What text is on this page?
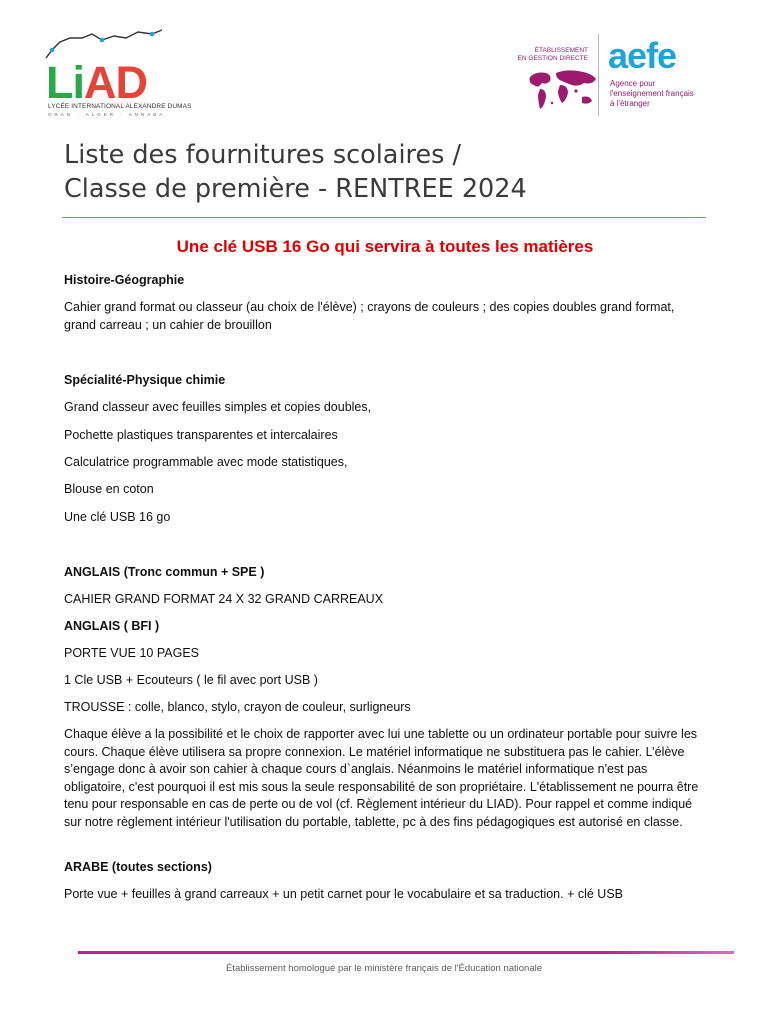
LiAD
LYCÉE INTERNATIONAL ALEXANDRE DUMAS
ORAN · ALGER · ANNABA
ÉTABLISSEMENT
EN GESTION DIRECTE aefe
Agence pour
l'enseignement français
à l'étranger
Liste des fournitures scolaires /
Classe de première - RENTREE 2024
Une clé USB 16 Go qui servira à toutes les matières

Histoire-Géographie

Cahier grand format ou classeur (au choix de l'élève) ; crayons de couleurs ; des copies doubles grand format, grand carreau ; un cahier de brouillon

Spécialité-Physique chimie

Grand classeur avec feuilles simples et copies doubles,

Pochette plastiques transparentes et intercalaires

Calculatrice programmable avec mode statistiques,

Blouse en coton

Une clé USB 16 go

ANGLAIS (Tronc commun + SPE )

CAHIER GRAND FORMAT 24 X 32 GRAND CARREAUX

ANGLAIS ( BFI )

PORTE VUE 10 PAGES

1 Cle USB + Ecouteurs ( le fil avec port USB )

TROUSSE : colle, blanco, stylo, crayon de couleur, surligneurs

Chaque élève a la possibilité et le choix de rapporter avec lui une tablette ou un ordinateur portable pour suivre les cours. Chaque élève utilisera sa propre connexion. Le matériel informatique ne substituera pas le cahier. L’élève s’engage donc à avoir son cahier à chaque cours d`anglais. Néanmoins le matériel informatique n'est pas obligatoire, c'est pourquoi il est mis sous la seule responsabilité de son propriétaire. L'établissement ne pourra être tenu pour responsable en cas de perte ou de vol (cf. Règlement intérieur du LIAD). Pour rappel et comme indiqué sur notre règlement intérieur l'utilisation du portable, tablette, pc à des fins pédagogiques est autorisé en classe.

ARABE (toutes sections)

Porte vue + feuilles à grand carreaux + un petit carnet pour le vocabulaire et sa traduction. + clé USB

Établissement homologué par le ministère français de l'Éducation nationale
